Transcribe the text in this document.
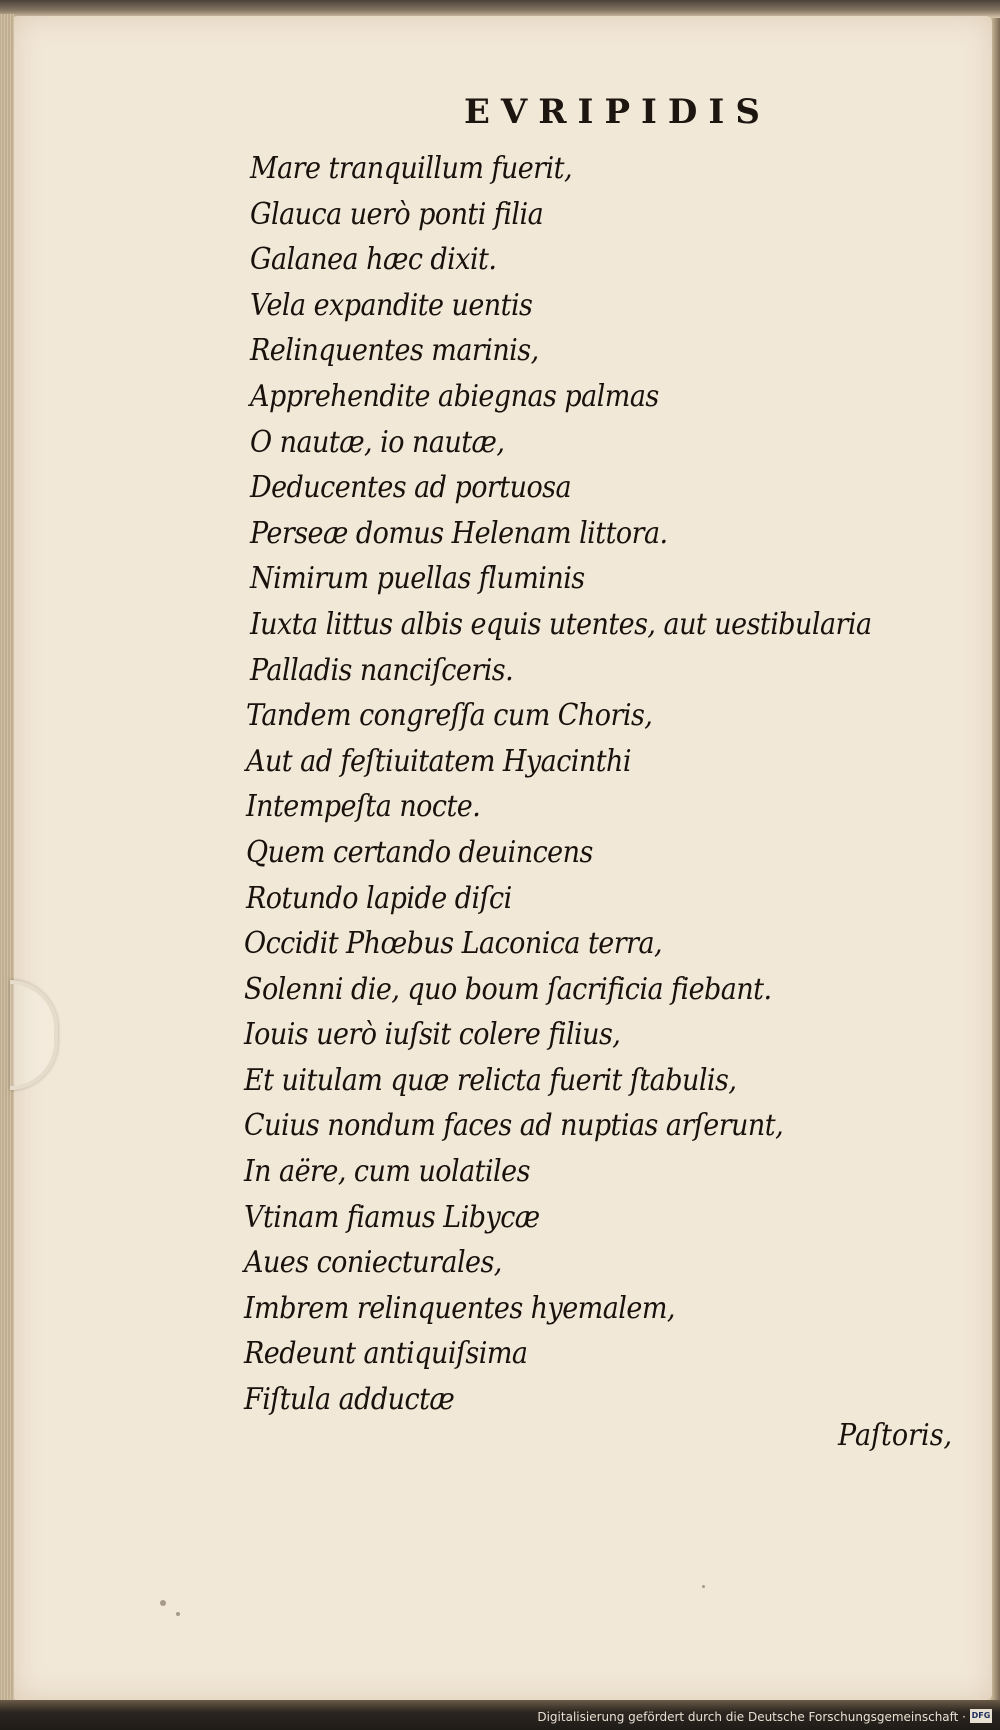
EVRIPIDIS
Mare tranquillum fuerit,
Glauca uerò ponti filia
Galanea hæc dixit.
Vela expandite uentis
Relinquentes marinis,
Apprehendite abiegnas palmas
O nautæ, io nautæ,
Deducentes ad portuosa
Perseæ domus Helenam littora.
Nimirum puellas fluminis
Iuxta littus albis equis utentes, aut uestibularia
Palladis nanciſceris.
Tandem congreſſa cum Choris,
Aut ad feſtiuitatem Hyacinthi
Intempeſta nocte.
Quem certando deuincens
Rotundo lapide diſci
Occidit Phœbus Laconica terra,
Solenni die, quo boum ſacrificia fiebant.
Iouis uerò iuſsit colere filius,
Et uitulam quæ relicta fuerit ſtabulis,
Cuius nondum faces ad nuptias arſerunt,
In aëre, cum uolatiles
Vtinam fiamus Libycæ
Aues coniecturales,
Imbrem relinquentes hyemalem,
Redeunt antiquiſsima
Fiſtula adductæ
Paſtoris,
Digitalisierung gefördert durch die Deutsche Forschungsgemeinschaft · DFG
